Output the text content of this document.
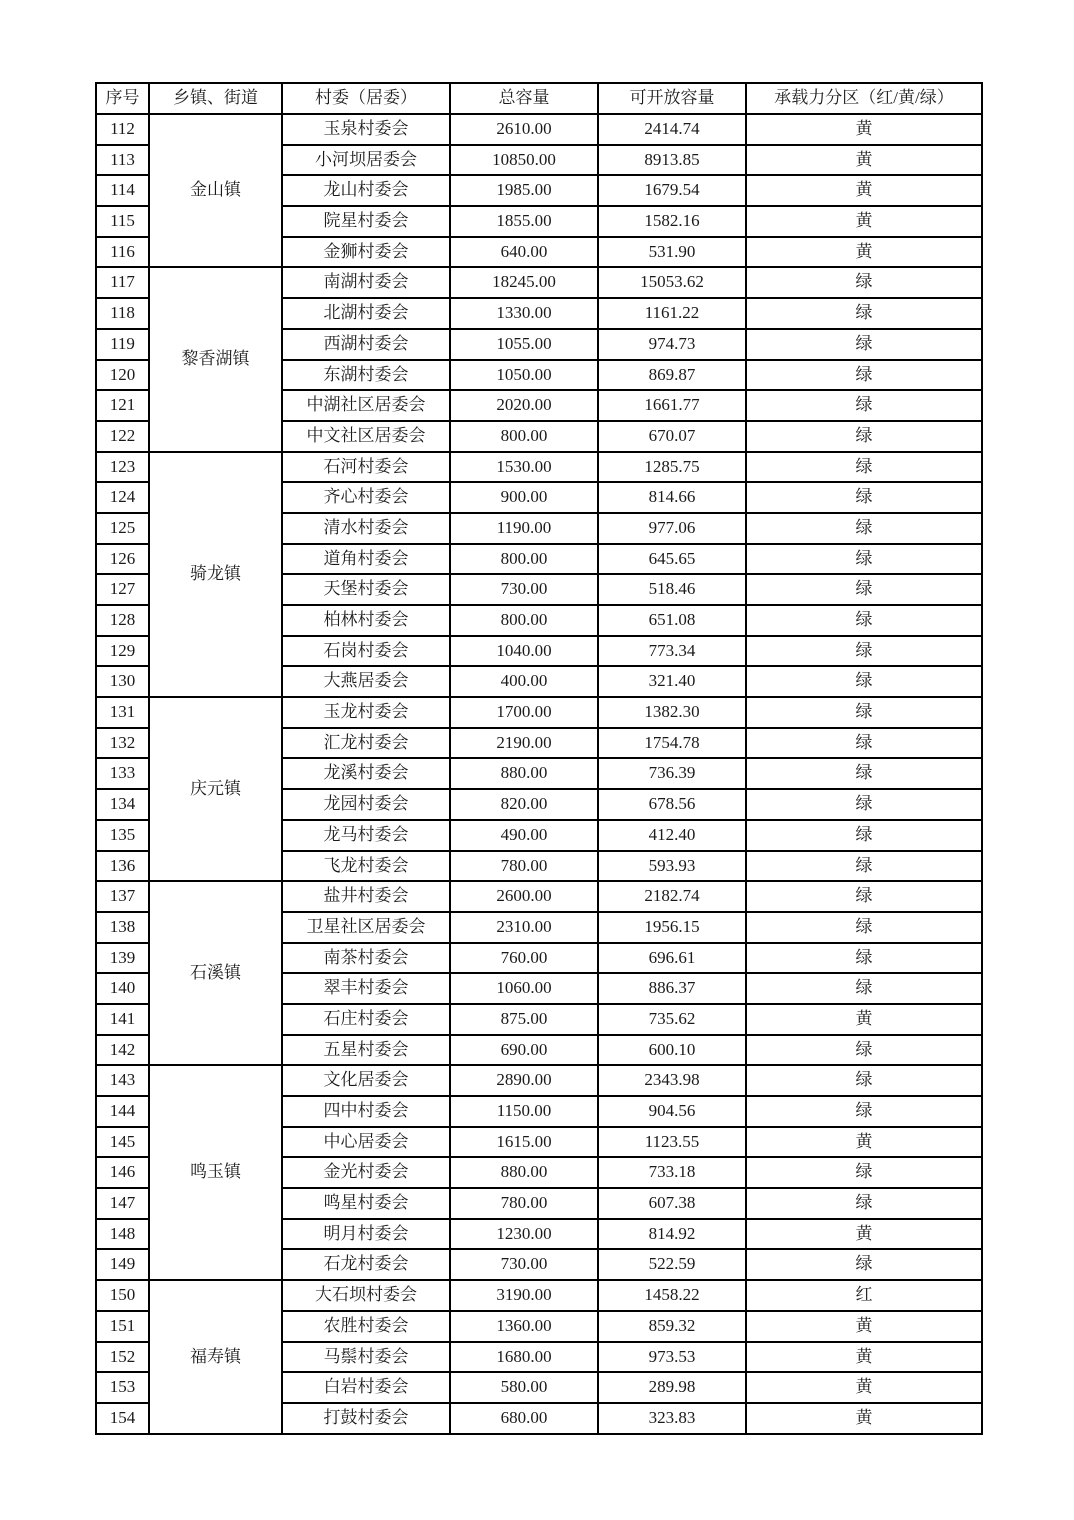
序号	乡镇、街道	村委（居委）	总容量	可开放容量	承载力分区（红/黄/绿）
112	金山镇	玉泉村委会	2610.00	2414.74	黄
113		小河坝居委会	10850.00	8913.85	黄
114		龙山村委会	1985.00	1679.54	黄
115		院星村委会	1855.00	1582.16	黄
116		金狮村委会	640.00	531.90	黄
117	黎香湖镇	南湖村委会	18245.00	15053.62	绿
118		北湖村委会	1330.00	1161.22	绿
119		西湖村委会	1055.00	974.73	绿
120		东湖村委会	1050.00	869.87	绿
121		中湖社区居委会	2020.00	1661.77	绿
122		中文社区居委会	800.00	670.07	绿
123	骑龙镇	石河村委会	1530.00	1285.75	绿
124		齐心村委会	900.00	814.66	绿
125		清水村委会	1190.00	977.06	绿
126		道角村委会	800.00	645.65	绿
127		天堡村委会	730.00	518.46	绿
128		柏林村委会	800.00	651.08	绿
129		石岗村委会	1040.00	773.34	绿
130		大燕居委会	400.00	321.40	绿
131	庆元镇	玉龙村委会	1700.00	1382.30	绿
132		汇龙村委会	2190.00	1754.78	绿
133		龙溪村委会	880.00	736.39	绿
134		龙园村委会	820.00	678.56	绿
135		龙马村委会	490.00	412.40	绿
136		飞龙村委会	780.00	593.93	绿
137	石溪镇	盐井村委会	2600.00	2182.74	绿
138		卫星社区居委会	2310.00	1956.15	绿
139		南茶村委会	760.00	696.61	绿
140		翠丰村委会	1060.00	886.37	绿
141		石庄村委会	875.00	735.62	黄
142		五星村委会	690.00	600.10	绿
143	鸣玉镇	文化居委会	2890.00	2343.98	绿
144		四中村委会	1150.00	904.56	绿
145		中心居委会	1615.00	1123.55	黄
146		金光村委会	880.00	733.18	绿
147		鸣星村委会	780.00	607.38	绿
148		明月村委会	1230.00	814.92	黄
149		石龙村委会	730.00	522.59	绿
150	福寿镇	大石坝村委会	3190.00	1458.22	红
151		农胜村委会	1360.00	859.32	黄
152		马鬃村委会	1680.00	973.53	黄
153		白岩村委会	580.00	289.98	黄
154		打鼓村委会	680.00	323.83	黄
